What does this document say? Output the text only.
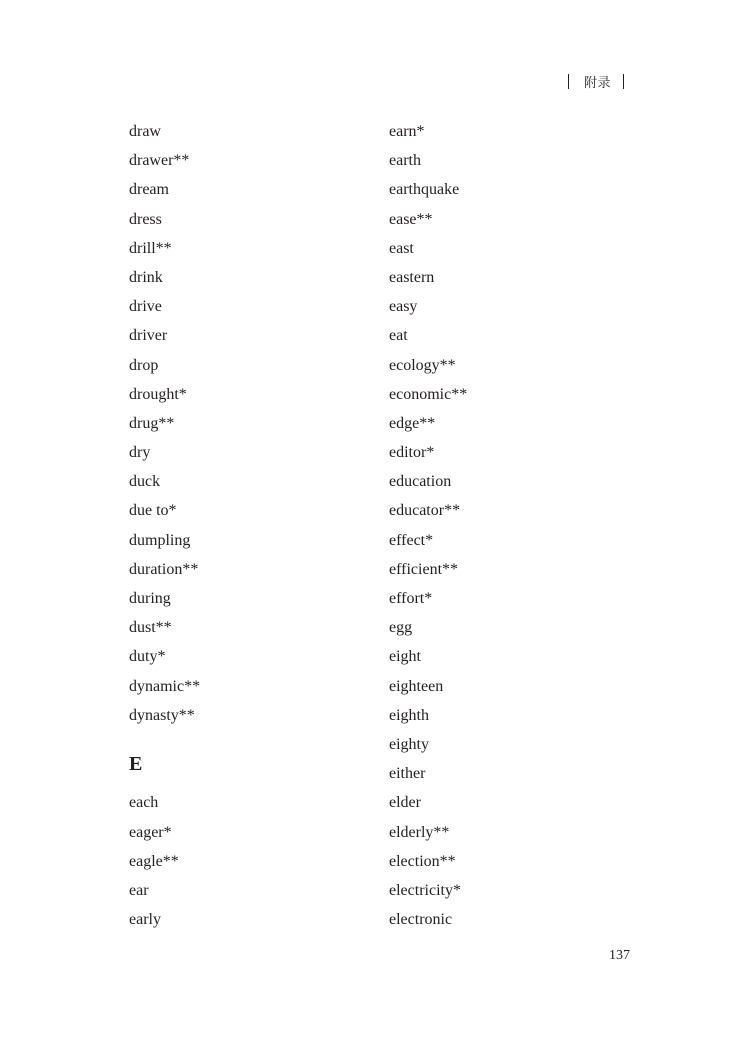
附录
draw
drawer**
dream
dress
drill**
drink
drive
driver
drop
drought*
drug**
dry
duck
due to*
dumpling
duration**
during
dust**
duty*
dynamic**
dynasty**
E
each
eager*
eagle**
ear
early
earn*
earth
earthquake
ease**
east
eastern
easy
eat
ecology**
economic**
edge**
editor*
education
educator**
effect*
efficient**
effort*
egg
eight
eighteen
eighth
eighty
either
elder
elderly**
election**
electricity*
electronic
137
